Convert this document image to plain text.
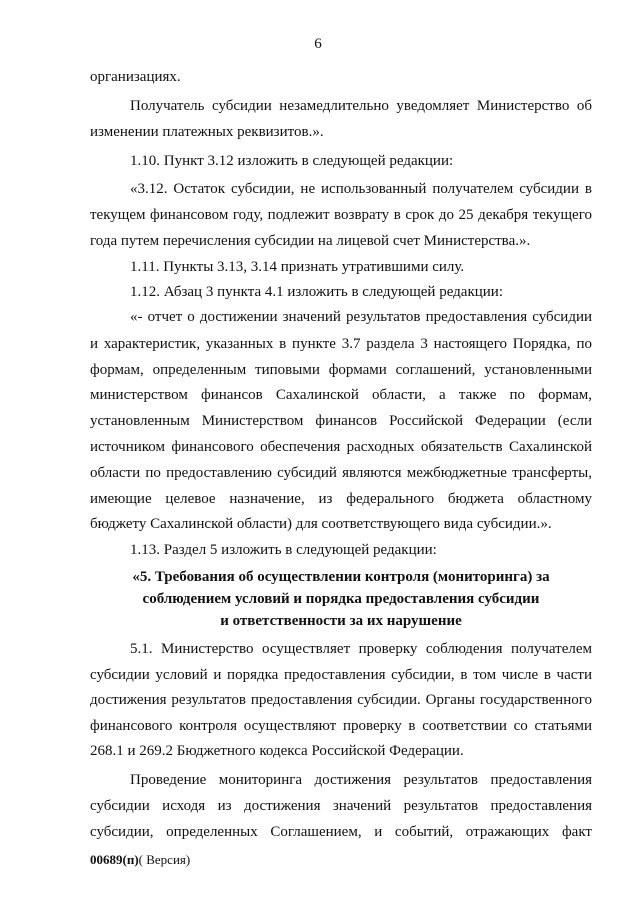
6
организациях.
Получатель субсидии незамедлительно уведомляет Министерство об
изменении платежных реквизитов.».
1.10. Пункт 3.12 изложить в следующей редакции:
«3.12. Остаток субсидии, не использованный получателем субсидии в
текущем финансовом году, подлежит возврату в срок до 25 декабря текущего
года путем перечисления субсидии на лицевой счет Министерства.».
1.11. Пункты 3.13, 3.14 признать утратившими силу.
1.12. Абзац 3 пункта 4.1 изложить в следующей редакции:
«- отчет о достижении значений результатов предоставления субсидии
и характеристик, указанных в пункте 3.7 раздела 3 настоящего Порядка, по
формам, определенным типовыми формами соглашений, установленными
министерством финансов Сахалинской области, а также по формам,
установленным Министерством финансов Российской Федерации (если
источником финансового обеспечения расходных обязательств Сахалинской
области по предоставлению субсидий являются межбюджетные трансферты,
имеющие целевое назначение, из федерального бюджета областному
бюджету Сахалинской области) для соответствующего вида субсидии.».
1.13. Раздел 5 изложить в следующей редакции:
«5. Требования об осуществлении контроля (мониторинга) за
соблюдением условий и порядка предоставления субсидии
и ответственности за их нарушение
5.1. Министерство осуществляет проверку соблюдения получателем
субсидии условий и порядка предоставления субсидии, в том числе в части
достижения результатов предоставления субсидии. Органы государственного
финансового контроля осуществляют проверку в соответствии со статьями
268.1 и 269.2 Бюджетного кодекса Российской Федерации.
Проведение мониторинга достижения результатов предоставления
субсидии исходя из достижения значений результатов предоставления
субсидии, определенных Соглашением, и событий, отражающих факт
00689(п)( Версия)
